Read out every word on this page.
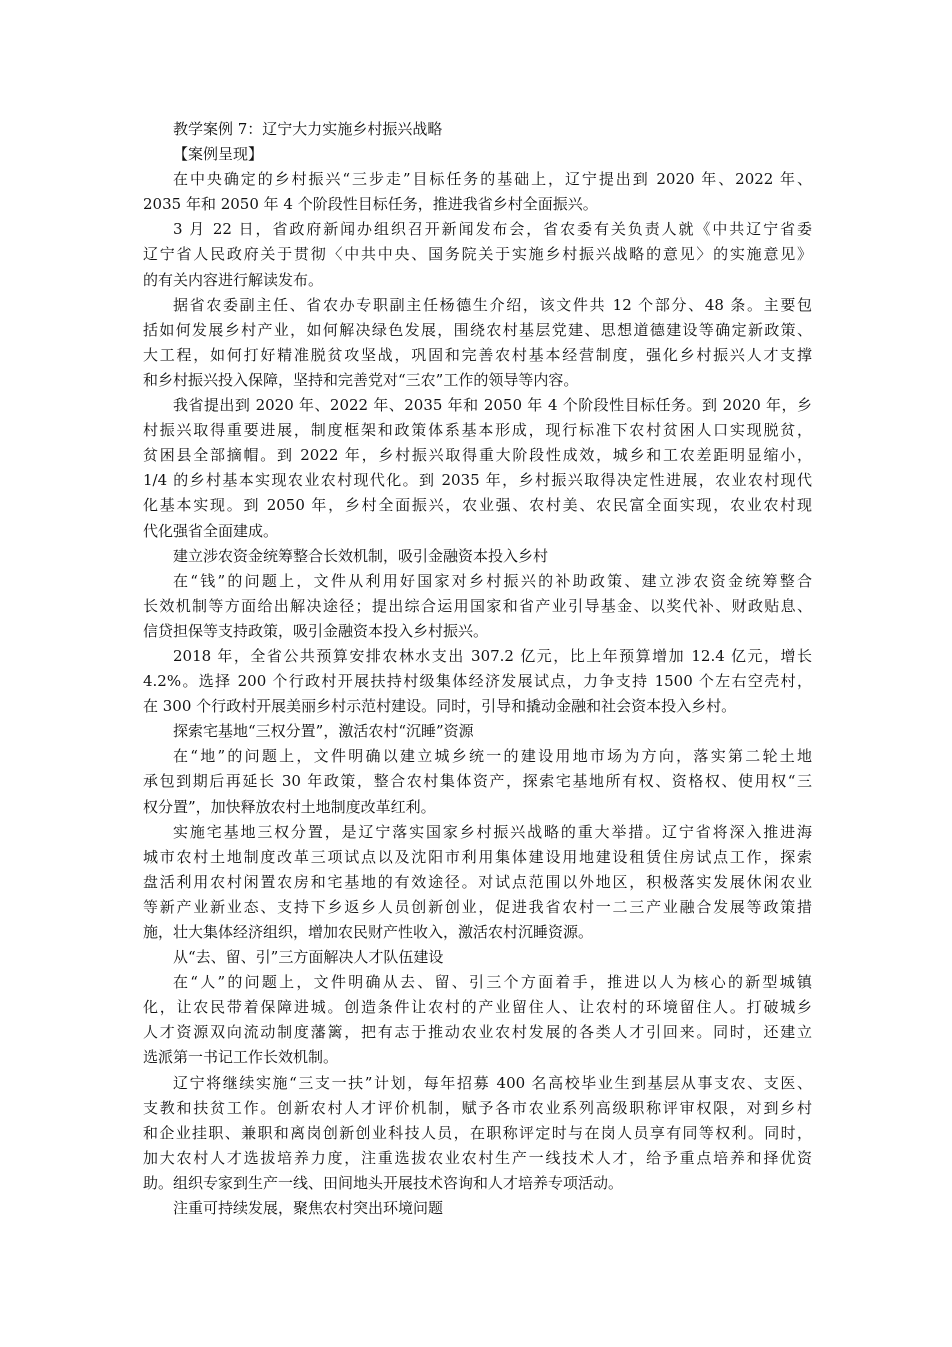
教学案例 7：辽宁大力实施乡村振兴战略
【案例呈现】
在中央确定的乡村振兴“三步走”目标任务的基础上，辽宁提出到 2020 年、2022 年、
2035 年和 2050 年 4 个阶段性目标任务，推进我省乡村全面振兴。
3 月 22 日，省政府新闻办组织召开新闻发布会，省农委有关负责人就《中共辽宁省委
辽宁省人民政府关于贯彻〈中共中央、国务院关于实施乡村振兴战略的意见〉的实施意见》
的有关内容进行解读发布。
据省农委副主任、省农办专职副主任杨德生介绍，该文件共 12 个部分、48 条。主要包
括如何发展乡村产业，如何解决绿色发展，围绕农村基层党建、思想道德建设等确定新政策、
大工程，如何打好精准脱贫攻坚战，巩固和完善农村基本经营制度，强化乡村振兴人才支撑
和乡村振兴投入保障，坚持和完善党对“三农”工作的领导等内容。
我省提出到 2020 年、2022 年、2035 年和 2050 年 4 个阶段性目标任务。到 2020 年，乡
村振兴取得重要进展，制度框架和政策体系基本形成，现行标准下农村贫困人口实现脱贫，
贫困县全部摘帽。到 2022 年，乡村振兴取得重大阶段性成效，城乡和工农差距明显缩小，
1/4 的乡村基本实现农业农村现代化。到 2035 年，乡村振兴取得决定性进展，农业农村现代
化基本实现。到 2050 年，乡村全面振兴，农业强、农村美、农民富全面实现，农业农村现
代化强省全面建成。
建立涉农资金统筹整合长效机制，吸引金融资本投入乡村
在“钱”的问题上，文件从利用好国家对乡村振兴的补助政策、建立涉农资金统筹整合
长效机制等方面给出解决途径；提出综合运用国家和省产业引导基金、以奖代补、财政贴息、
信贷担保等支持政策，吸引金融资本投入乡村振兴。
2018 年，全省公共预算安排农林水支出 307.2 亿元，比上年预算增加 12.4 亿元，增长
4.2%。选择 200 个行政村开展扶持村级集体经济发展试点，力争支持 1500 个左右空壳村，
在 300 个行政村开展美丽乡村示范村建设。同时，引导和撬动金融和社会资本投入乡村。
探索宅基地“三权分置”，激活农村“沉睡”资源
在“地”的问题上，文件明确以建立城乡统一的建设用地市场为方向，落实第二轮土地
承包到期后再延长 30 年政策，整合农村集体资产，探索宅基地所有权、资格权、使用权“三
权分置”，加快释放农村土地制度改革红利。
实施宅基地三权分置，是辽宁落实国家乡村振兴战略的重大举措。辽宁省将深入推进海
城市农村土地制度改革三项试点以及沈阳市利用集体建设用地建设租赁住房试点工作，探索
盘活利用农村闲置农房和宅基地的有效途径。对试点范围以外地区，积极落实发展休闲农业
等新产业新业态、支持下乡返乡人员创新创业，促进我省农村一二三产业融合发展等政策措
施，壮大集体经济组织，增加农民财产性收入，激活农村沉睡资源。
从“去、留、引”三方面解决人才队伍建设
在“人”的问题上，文件明确从去、留、引三个方面着手，推进以人为核心的新型城镇
化，让农民带着保障进城。创造条件让农村的产业留住人、让农村的环境留住人。打破城乡
人才资源双向流动制度藩篱，把有志于推动农业农村发展的各类人才引回来。同时，还建立
选派第一书记工作长效机制。
辽宁将继续实施“三支一扶”计划，每年招募 400 名高校毕业生到基层从事支农、支医、
支教和扶贫工作。创新农村人才评价机制，赋予各市农业系列高级职称评审权限，对到乡村
和企业挂职、兼职和离岗创新创业科技人员，在职称评定时与在岗人员享有同等权利。同时，
加大农村人才选拔培养力度，注重选拔农业农村生产一线技术人才，给予重点培养和择优资
助。组织专家到生产一线、田间地头开展技术咨询和人才培养专项活动。
注重可持续发展，聚焦农村突出环境问题
